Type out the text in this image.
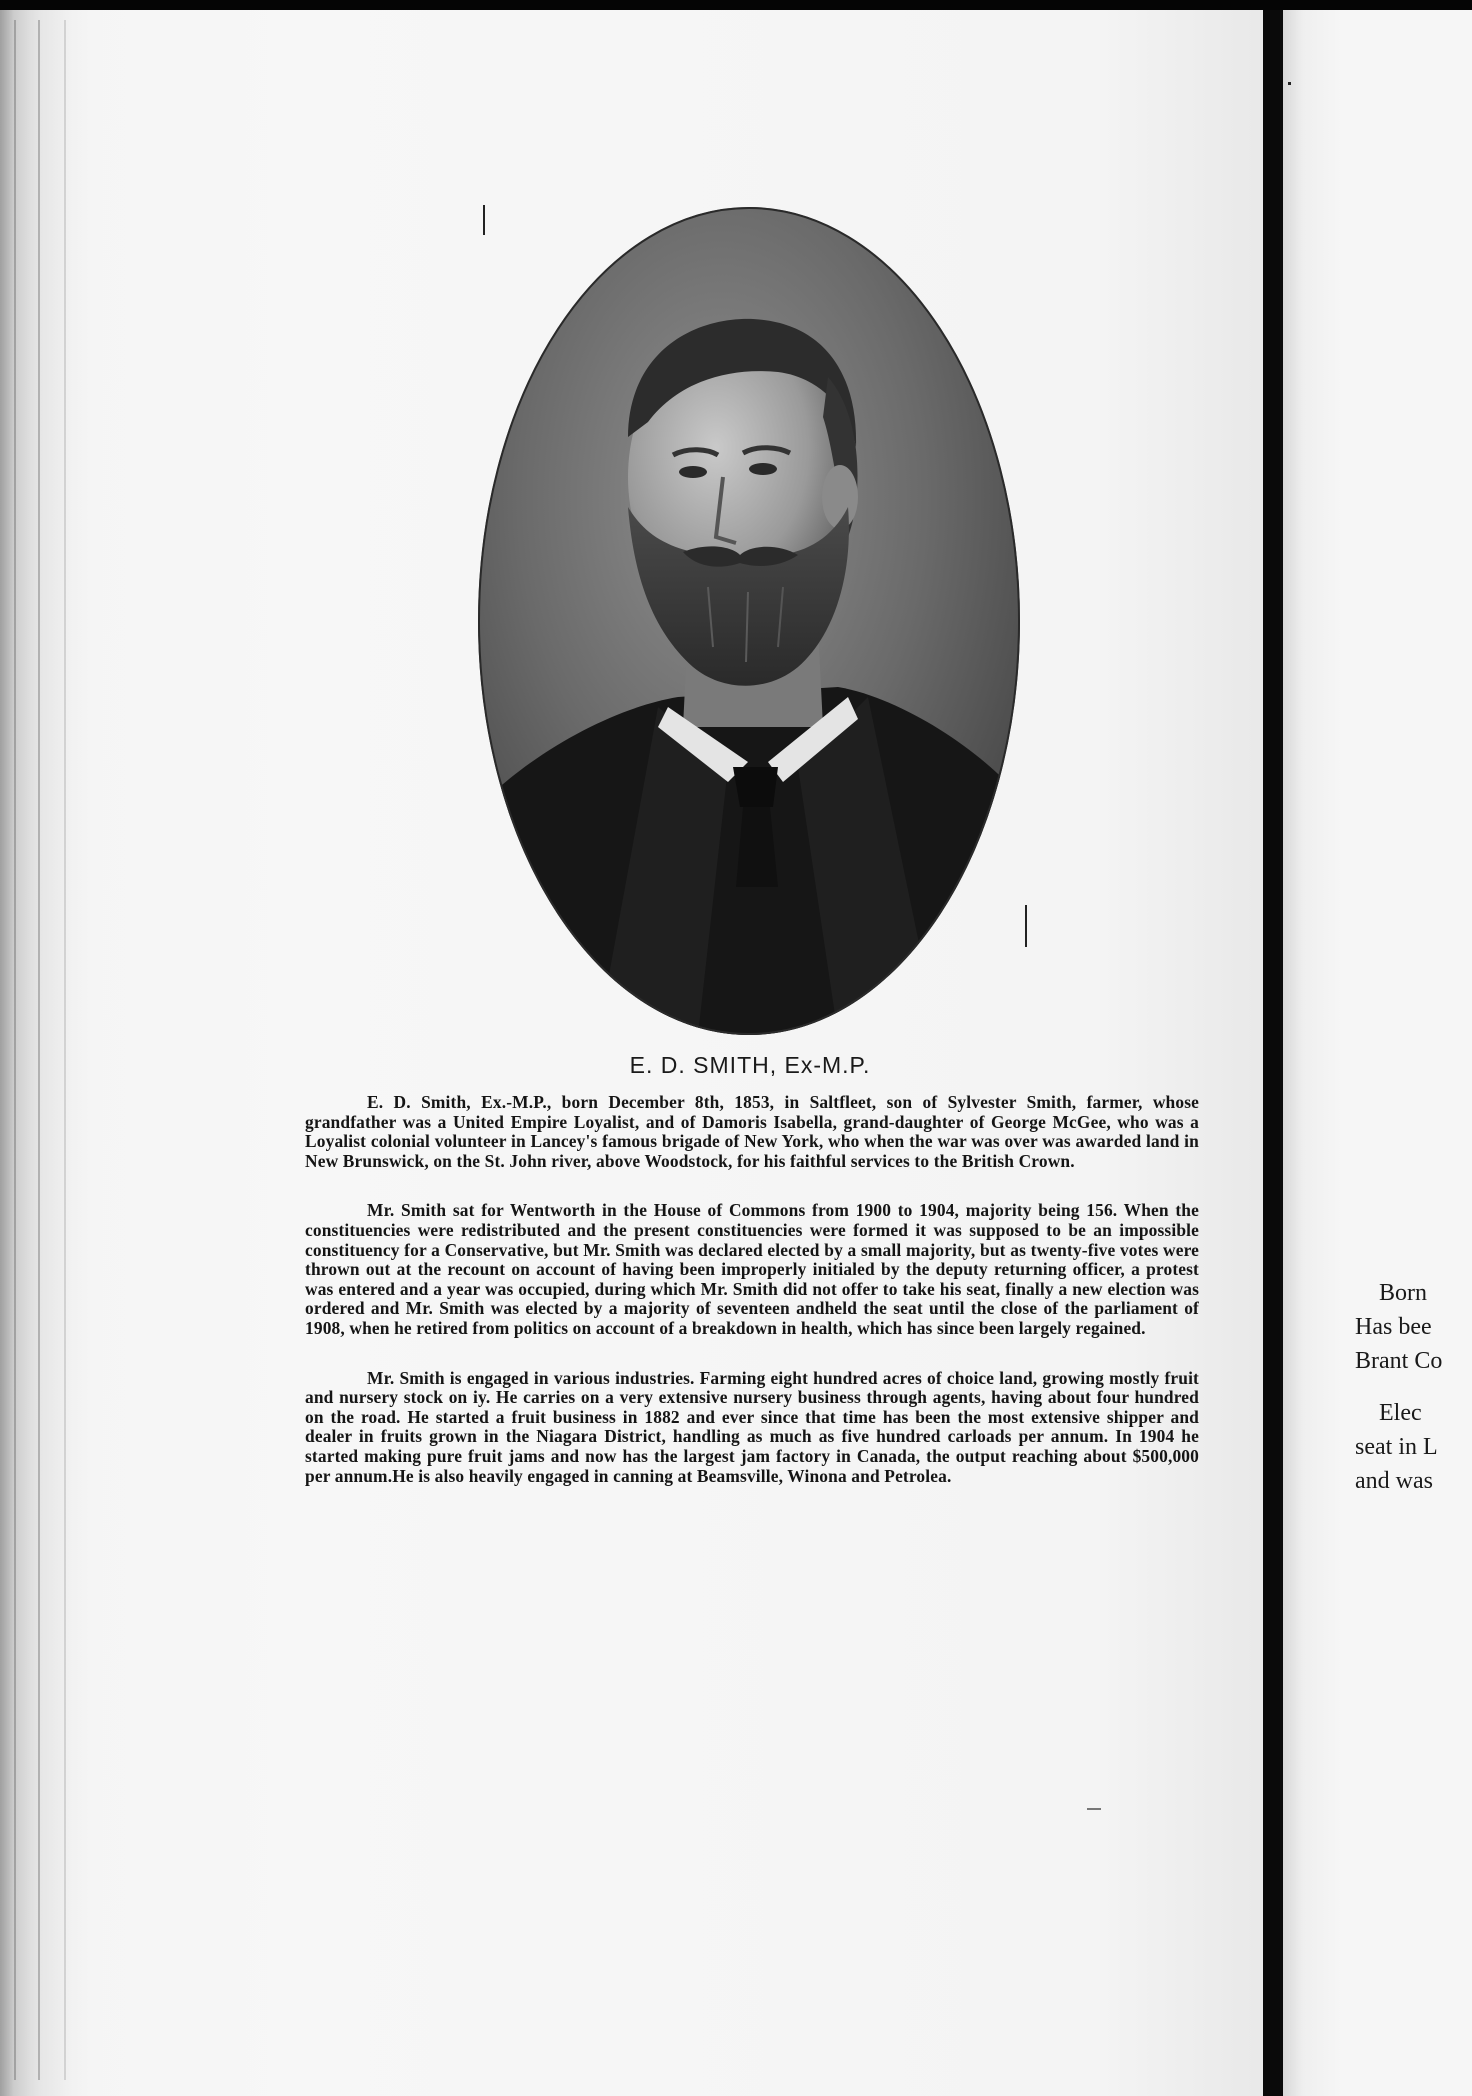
E. D. SMITH, Ex-M.P.

E. D. Smith, Ex.-M.P., born December 8th, 1853, in Saltfleet, son of Sylvester Smith, farmer, whose grandfather was a United Empire Loyalist, and of Damoris Isabella, grand-daughter of George McGee, who was a Loyalist colonial volunteer in Lancey's famous brigade of New York, who when the war was over was awarded land in New Brunswick, on the St. John river, above Woodstock, for his faithful services to the British Crown.

Mr. Smith sat for Wentworth in the House of Commons from 1900 to 1904, majority being 156. When the constituencies were redistributed and the present constituencies were formed it was supposed to be an impossible constituency for a Conservative, but Mr. Smith was declared elected by a small majority, but as twenty-five votes were thrown out at the recount on account of having been improperly initialed by the deputy returning officer, a protest was entered and a year was occupied, during which Mr. Smith did not offer to take his seat, finally a new election was ordered and Mr. Smith was elected by a majority of seventeen andheld the seat until the close of the parliament of 1908, when he retired from politics on account of a breakdown in health, which has since been largely regained.

Mr. Smith is engaged in various industries. Farming eight hundred acres of choice land, growing mostly fruit and nursery stock on iy. He carries on a very extensive nursery business through agents, having about four hundred on the road. He started a fruit business in 1882 and ever since that time has been the most extensive shipper and dealer in fruits grown in the Niagara District, handling as much as five hundred carloads per annum. In 1904 he started making pure fruit jams and now has the largest jam factory in Canada, the output reaching about $500,000 per annum.He is also heavily engaged in canning at Beamsville, Winona and Petrolea.

Born
Has bee
Brant Co
Elec
seat in L
and was
